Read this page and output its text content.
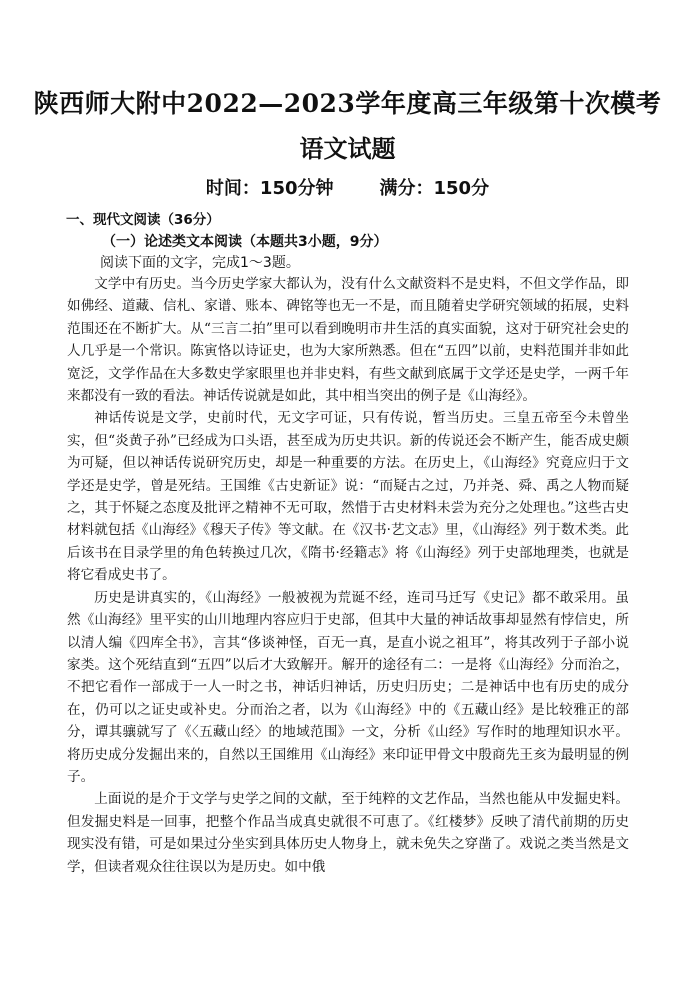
陕西师大附中2022—2023学年度高三年级第十次模考
语文试题
时间：150分钟	满分：150分
一、现代文阅读（36分）
（一）论述类文本阅读（本题共3小题，9分）
阅读下面的文字，完成1～3题。

文学中有历史。当今历史学家大都认为，没有什么文献资料不是史料，不但文学作品，即如佛经、道藏、信札、家谱、账本、碑铭等也无一不是，而且随着史学研究领域的拓展，史料范围还在不断扩大。从“三言二拍”里可以看到晚明市井生活的真实面貌，这对于研究社会史的人几乎是一个常识。陈寅恪以诗证史，也为大家所熟悉。但在“五四”以前，史料范围并非如此宽泛，文学作品在大多数史学家眼里也并非史料，有些文献到底属于文学还是史学，一两千年来都没有一致的看法。神话传说就是如此，其中相当突出的例子是《山海经》。

神话传说是文学，史前时代，无文字可证，只有传说，暂当历史。三皇五帝至今未曾坐实，但“炎黄子孙”已经成为口头语，甚至成为历史共识。新的传说还会不断产生，能否成史颇为可疑，但以神话传说研究历史，却是一种重要的方法。在历史上，《山海经》究竟应归于文学还是史学，曾是死结。王国维《古史新证》说：“而疑古之过，乃并尧、舜、禹之人物而疑之，其于怀疑之态度及批评之精神不无可取，然惜于古史材料未尝为充分之处理也。”这些古史材料就包括《山海经》《穆天子传》等文献。在《汉书·艺文志》里，《山海经》列于数术类。此后该书在目录学里的角色转换过几次，《隋书·经籍志》将《山海经》列于史部地理类，也就是将它看成史书了。

历史是讲真实的，《山海经》一般被视为荒诞不经，连司马迁写《史记》都不敢采用。虽然《山海经》里平实的山川地理内容应归于史部，但其中大量的神话故事却显然有悖信史，所以清人编《四库全书》，言其“侈谈神怪，百无一真，是直小说之祖耳”，将其改列于子部小说家类。这个死结直到“五四”以后才大致解开。解开的途径有二：一是将《山海经》分而治之，不把它看作一部成于一人一时之书，神话归神话，历史归历史；二是神话中也有历史的成分在，仍可以之证史或补史。分而治之者，以为《山海经》中的《五藏山经》是比较雅正的部分，谭其骧就写了《〈五藏山经〉的地域范围》一文，分析《山经》写作时的地理知识水平。将历史成分发掘出来的，自然以王国维用《山海经》来印证甲骨文中殷商先王亥为最明显的例子。

上面说的是介于文学与史学之间的文献，至于纯粹的文艺作品，当然也能从中发掘史料。但发掘史料是一回事，把整个作品当成真史就很不可恵了。《红楼梦》反映了清代前期的历史现实没有错，可是如果过分坐实到具体历史人物身上，就未免失之穿凿了。戏说之类当然是文学，但读者观众往往误以为是历史。如中俄
